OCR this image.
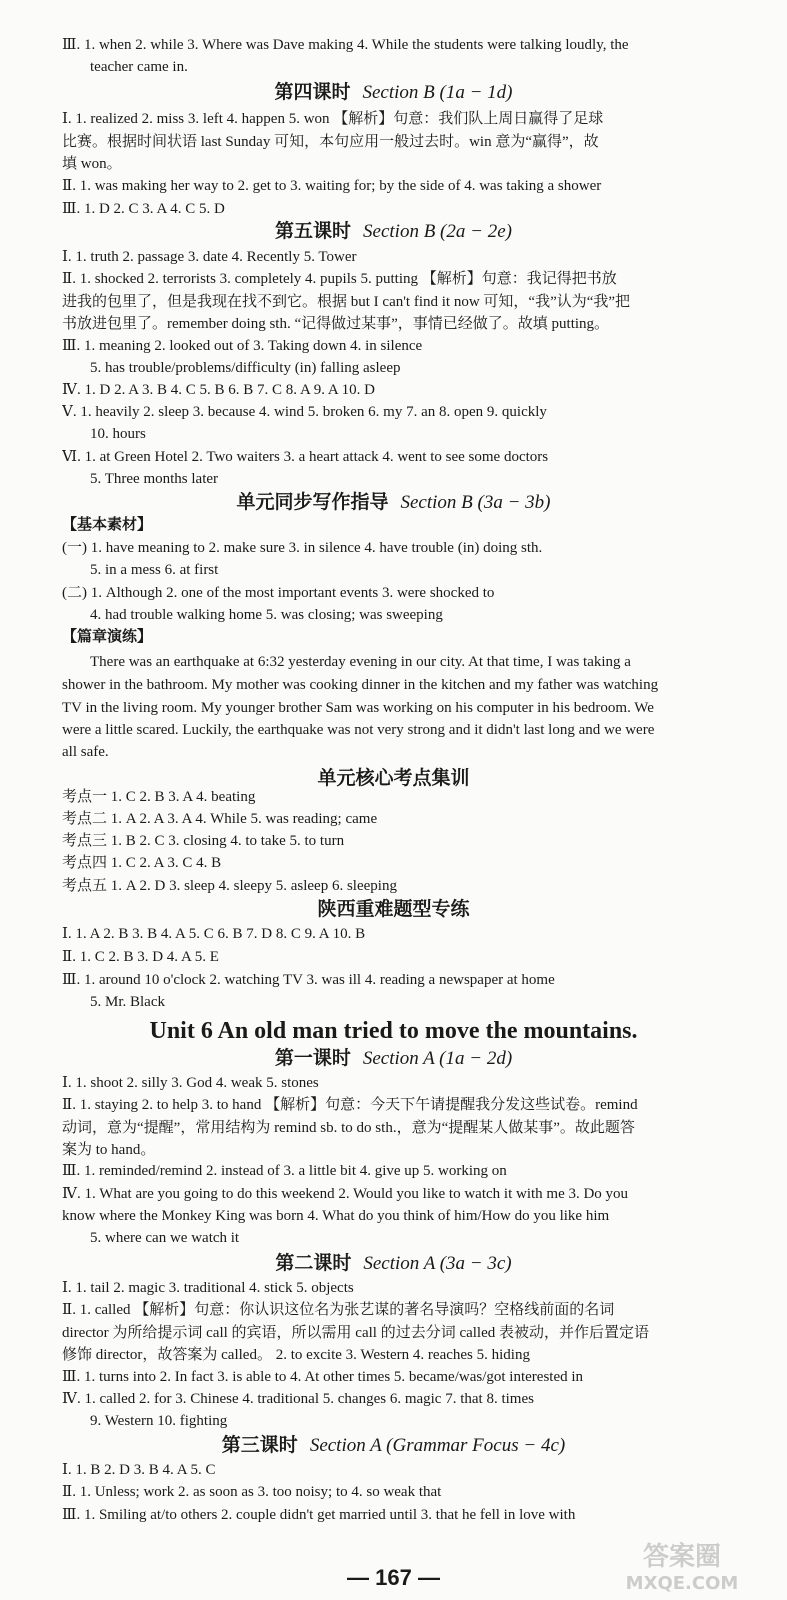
Ⅲ. 1. when 2. while 3. Where was Dave making 4. While the students were talking loudly, the
teacher came in.
第四课时 Section B (1a − 1d)
Ⅰ. 1. realized 2. miss 3. left 4. happen 5. won 【解析】句意：我们队上周日赢得了足球
比赛。根据时间状语 last Sunday 可知，本句应用一般过去时。win 意为“赢得”，故
填 won。
Ⅱ. 1. was making her way to 2. get to 3. waiting for; by the side of 4. was taking a shower
Ⅲ. 1. D 2. C 3. A 4. C 5. D
第五课时 Section B (2a − 2e)
Ⅰ. 1. truth 2. passage 3. date 4. Recently 5. Tower
Ⅱ. 1. shocked 2. terrorists 3. completely 4. pupils 5. putting 【解析】句意：我记得把书放
进我的包里了，但是我现在找不到它。根据 but I can't find it now 可知，“我”认为“我”把
书放进包里了。remember doing sth. “记得做过某事”，事情已经做了。故填 putting。
Ⅲ. 1. meaning 2. looked out of 3. Taking down 4. in silence
5. has trouble/problems/difficulty (in) falling asleep
Ⅳ. 1. D 2. A 3. B 4. C 5. B 6. B 7. C 8. A 9. A 10. D
Ⅴ. 1. heavily 2. sleep 3. because 4. wind 5. broken 6. my 7. an 8. open 9. quickly
10. hours
Ⅵ. 1. at Green Hotel 2. Two waiters 3. a heart attack 4. went to see some doctors
5. Three months later
单元同步写作指导 Section B (3a − 3b)
【基本素材】
(一) 1. have meaning to 2. make sure 3. in silence 4. have trouble (in) doing sth.
5. in a mess 6. at first
(二) 1. Although 2. one of the most important events 3. were shocked to
4. had trouble walking home 5. was closing; was sweeping
【篇章演练】
There was an earthquake at 6:32 yesterday evening in our city. At that time, I was taking a
shower in the bathroom. My mother was cooking dinner in the kitchen and my father was watching
TV in the living room. My younger brother Sam was working on his computer in his bedroom. We
were a little scared. Luckily, the earthquake was not very strong and it didn't last long and we were
all safe.
单元核心考点集训
考点一 1. C 2. B 3. A 4. beating
考点二 1. A 2. A 3. A 4. While 5. was reading; came
考点三 1. B 2. C 3. closing 4. to take 5. to turn
考点四 1. C 2. A 3. C 4. B
考点五 1. A 2. D 3. sleep 4. sleepy 5. asleep 6. sleeping
陕西重难题型专练
Ⅰ. 1. A 2. B 3. B 4. A 5. C 6. B 7. D 8. C 9. A 10. B
Ⅱ. 1. C 2. B 3. D 4. A 5. E
Ⅲ. 1. around 10 o'clock 2. watching TV 3. was ill 4. reading a newspaper at home
5. Mr. Black
Unit 6 An old man tried to move the mountains.
第一课时 Section A (1a − 2d)
Ⅰ. 1. shoot 2. silly 3. God 4. weak 5. stones
Ⅱ. 1. staying 2. to help 3. to hand 【解析】句意：今天下午请提醒我分发这些试卷。remind
动词，意为“提醒”，常用结构为 remind sb. to do sth.，意为“提醒某人做某事”。故此题答
案为 to hand。
Ⅲ. 1. reminded/remind 2. instead of 3. a little bit 4. give up 5. working on
Ⅳ. 1. What are you going to do this weekend 2. Would you like to watch it with me 3. Do you
know where the Monkey King was born 4. What do you think of him/How do you like him
5. where can we watch it
第二课时 Section A (3a − 3c)
Ⅰ. 1. tail 2. magic 3. traditional 4. stick 5. objects
Ⅱ. 1. called 【解析】句意：你认识这位名为张艺谋的著名导演吗？空格线前面的名词
director 为所给提示词 call 的宾语，所以需用 call 的过去分词 called 表被动，并作后置定语
修饰 director，故答案为 called。 2. to excite 3. Western 4. reaches 5. hiding
Ⅲ. 1. turns into 2. In fact 3. is able to 4. At other times 5. became/was/got interested in
Ⅳ. 1. called 2. for 3. Chinese 4. traditional 5. changes 6. magic 7. that 8. times
9. Western 10. fighting
第三课时 Section A (Grammar Focus − 4c)
Ⅰ. 1. B 2. D 3. B 4. A 5. C
Ⅱ. 1. Unless; work 2. as soon as 3. too noisy; to 4. so weak that
Ⅲ. 1. Smiling at/to others 2. couple didn't get married until 3. that he fell in love with
— 167 —
答案圈
MXQE.COM
